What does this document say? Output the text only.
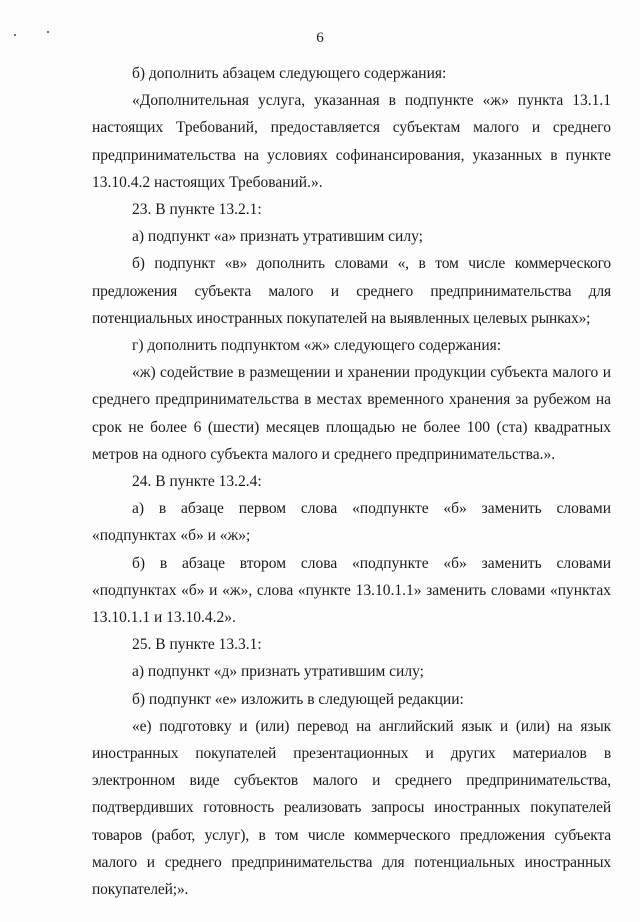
6

б) дополнить абзацем следующего содержания:

«Дополнительная услуга, указанная в подпункте «ж» пункта 13.1.1 настоящих Требований, предоставляется субъектам малого и среднего предпринимательства на условиях софинансирования, указанных в пункте 13.10.4.2 настоящих Требований.».

23. В пункте 13.2.1:

а) подпункт «а» признать утратившим силу;

б) подпункт «в» дополнить словами «, в том числе коммерческого предложения субъекта малого и среднего предпринимательства для потенциальных иностранных покупателей на выявленных целевых рынках»;

г) дополнить подпунктом «ж» следующего содержания:

«ж) содействие в размещении и хранении продукции субъекта малого и среднего предпринимательства в местах временного хранения за рубежом на срок не более 6 (шести) месяцев площадью не более 100 (ста) квадратных метров на одного субъекта малого и среднего предпринимательства.».

24. В пункте 13.2.4:

а) в абзаце первом слова «подпункте «б» заменить словами «подпунктах «б» и «ж»;

б) в абзаце втором слова «подпункте «б» заменить словами «подпунктах «б» и «ж», слова «пункте 13.10.1.1» заменить словами «пунктах 13.10.1.1 и 13.10.4.2».

25. В пункте 13.3.1:

а) подпункт «д» признать утратившим силу;

б) подпункт «е» изложить в следующей редакции:

«е) подготовку и (или) перевод на английский язык и (или) на язык иностранных покупателей презентационных и других материалов в электронном виде субъектов малого и среднего предпринимательства, подтвердивших готовность реализовать запросы иностранных покупателей товаров (работ, услуг), в том числе коммерческого предложения субъекта малого и среднего предпринимательства для потенциальных иностранных покупателей;».
